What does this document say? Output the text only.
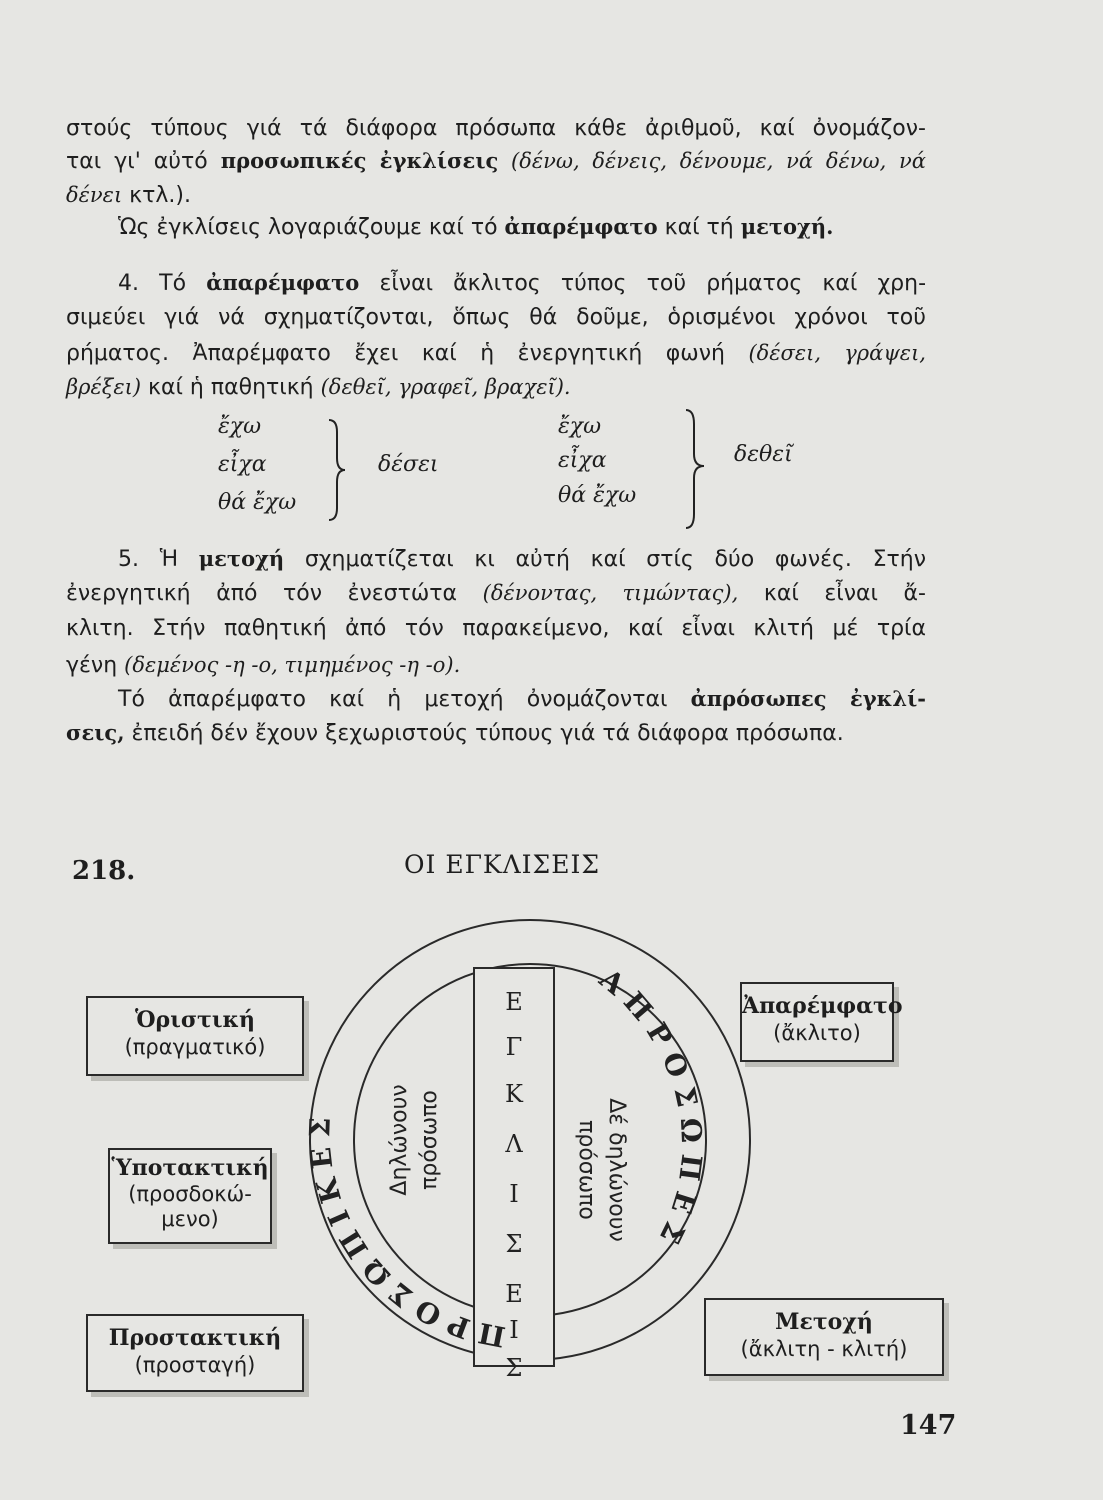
στούς τύπους γιά τά διάφορα πρόσωπα κάθε ἀριθμοῦ, καί ὀνομάζον-
ται γι' αὐτό προσωπικές ἐγκλίσεις (δένω, δένεις, δένουμε, νά δένω, νά
δένει κτλ.).
Ὡς ἐγκλίσεις λογαριάζουμε καί τό ἀπαρέμφατο καί τή μετοχή.
4. Τό ἀπαρέμφατο εἶναι ἄκλιτος τύπος τοῦ ρήματος καί χρη-
σιμεύει γιά νά σχηματίζονται, ὅπως θά δοῦμε, ὁρισμένοι χρόνοι τοῦ
ρήματος. Ἀπαρέμφατο ἔχει καί ἡ ἐνεργητική φωνή (δέσει, γράψει,
βρέξει) καί ἡ παθητική (δεθεῖ, γραφεῖ, βραχεῖ).
ἔχω
εἶχα
θά ἔχω
δέσει
ἔχω
εἶχα
θά ἔχω
δεθεῖ
5. Ἡ μετοχή σχηματίζεται κι αὐτή καί στίς δύο φωνές. Στήν
ἐνεργητική ἀπό τόν ἐνεστώτα (δένοντας, τιμώντας), καί εἶναι ἄ-
κλιτη. Στήν παθητική ἀπό τόν παρακείμενο, καί εἶναι κλιτή μέ τρία
γένη (δεμένος -η -ο, τιμημένος -η -ο).
Τό ἀπαρέμφατο καί ἡ μετοχή ὀνομάζονται ἀπρόσωπες ἐγκλί-
σεις, ἐπειδή δέν ἔχουν ξεχωριστούς τύπους γιά τά διάφορα πρόσωπα.
218.	ΟΙ ΕΓΚΛΙΣΕΙΣ
ΠΡΟΣΩΠΙΚΕΣ
ΑΠΡΟΣΩΠΕΣ
Ε
Γ
Κ
Λ
Ι
Σ
Ε
Ι
Σ
Δηλώνουν πρόσωπο	Δέ δηλώνουν
πρόσωπο
Ὁριστική
(πραγματικό)
Ὑποτακτική
(προσδοκώ-
μενο)
Προστακτική
(προσταγή)
Ἀπαρέμφατο
(ἄκλιτο)
Μετοχή
(ἄκλιτη - κλιτή)
147
